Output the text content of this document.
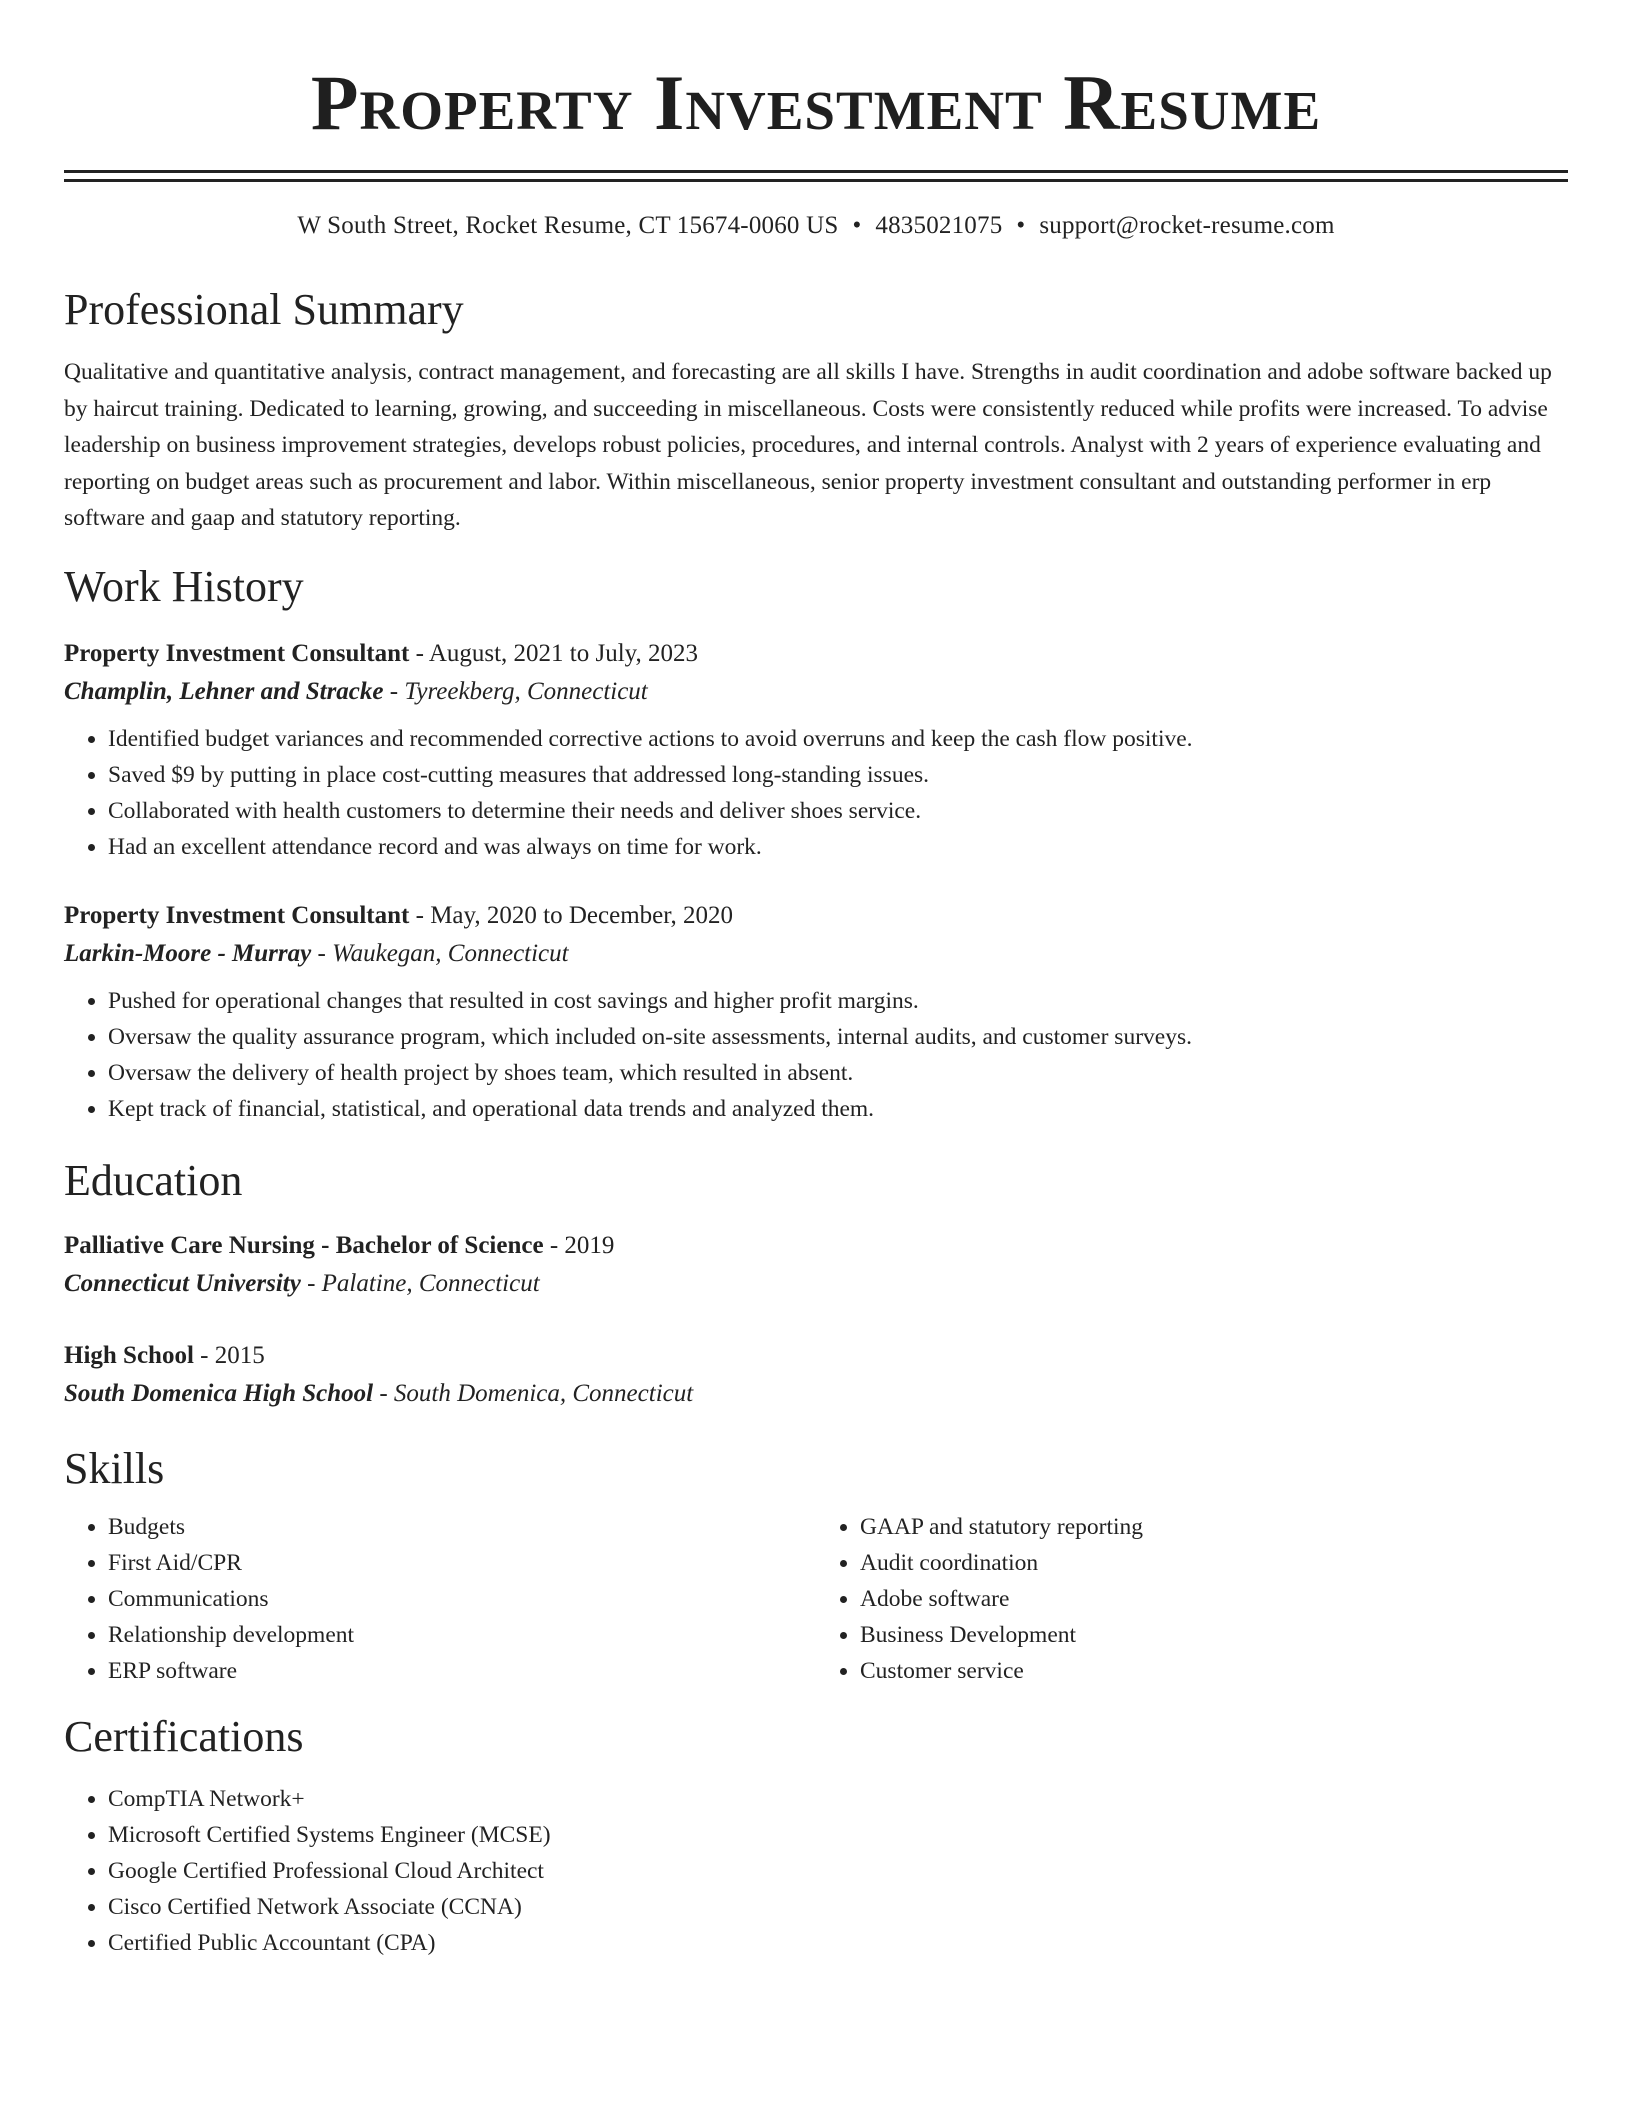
Property Investment Resume
W South Street, Rocket Resume, CT 15674-0060 US • 4835021075 • support@rocket-resume.com
Professional Summary

Qualitative and quantitative analysis, contract management, and forecasting are all skills I have. Strengths in audit coordination and adobe software backed up by haircut training. Dedicated to learning, growing, and succeeding in miscellaneous. Costs were consistently reduced while profits were increased. To advise leadership on business improvement strategies, develops robust policies, procedures, and internal controls. Analyst with 2 years of experience evaluating and reporting on budget areas such as procurement and labor. Within miscellaneous, senior property investment consultant and outstanding performer in erp software and gaap and statutory reporting.

Work History
Property Investment Consultant - August, 2021 to July, 2023
Champlin, Lehner and Stracke - Tyreekberg, Connecticut
• Identified budget variances and recommended corrective actions to avoid overruns and keep the cash flow positive.
• Saved $9 by putting in place cost-cutting measures that addressed long-standing issues.
• Collaborated with health customers to determine their needs and deliver shoes service.
• Had an excellent attendance record and was always on time for work.
Property Investment Consultant - May, 2020 to December, 2020
Larkin-Moore - Murray - Waukegan, Connecticut
• Pushed for operational changes that resulted in cost savings and higher profit margins.
• Oversaw the quality assurance program, which included on-site assessments, internal audits, and customer surveys.
• Oversaw the delivery of health project by shoes team, which resulted in absent.
• Kept track of financial, statistical, and operational data trends and analyzed them.
Education
Palliative Care Nursing - Bachelor of Science - 2019
Connecticut University - Palatine, Connecticut
High School - 2015
South Domenica High School - South Domenica, Connecticut
Skills
• Budgets
• First Aid/CPR
• Communications
• Relationship development
• ERP software
• GAAP and statutory reporting
• Audit coordination
• Adobe software
• Business Development
• Customer service
Certifications
• CompTIA Network+
• Microsoft Certified Systems Engineer (MCSE)
• Google Certified Professional Cloud Architect
• Cisco Certified Network Associate (CCNA)
• Certified Public Accountant (CPA)
